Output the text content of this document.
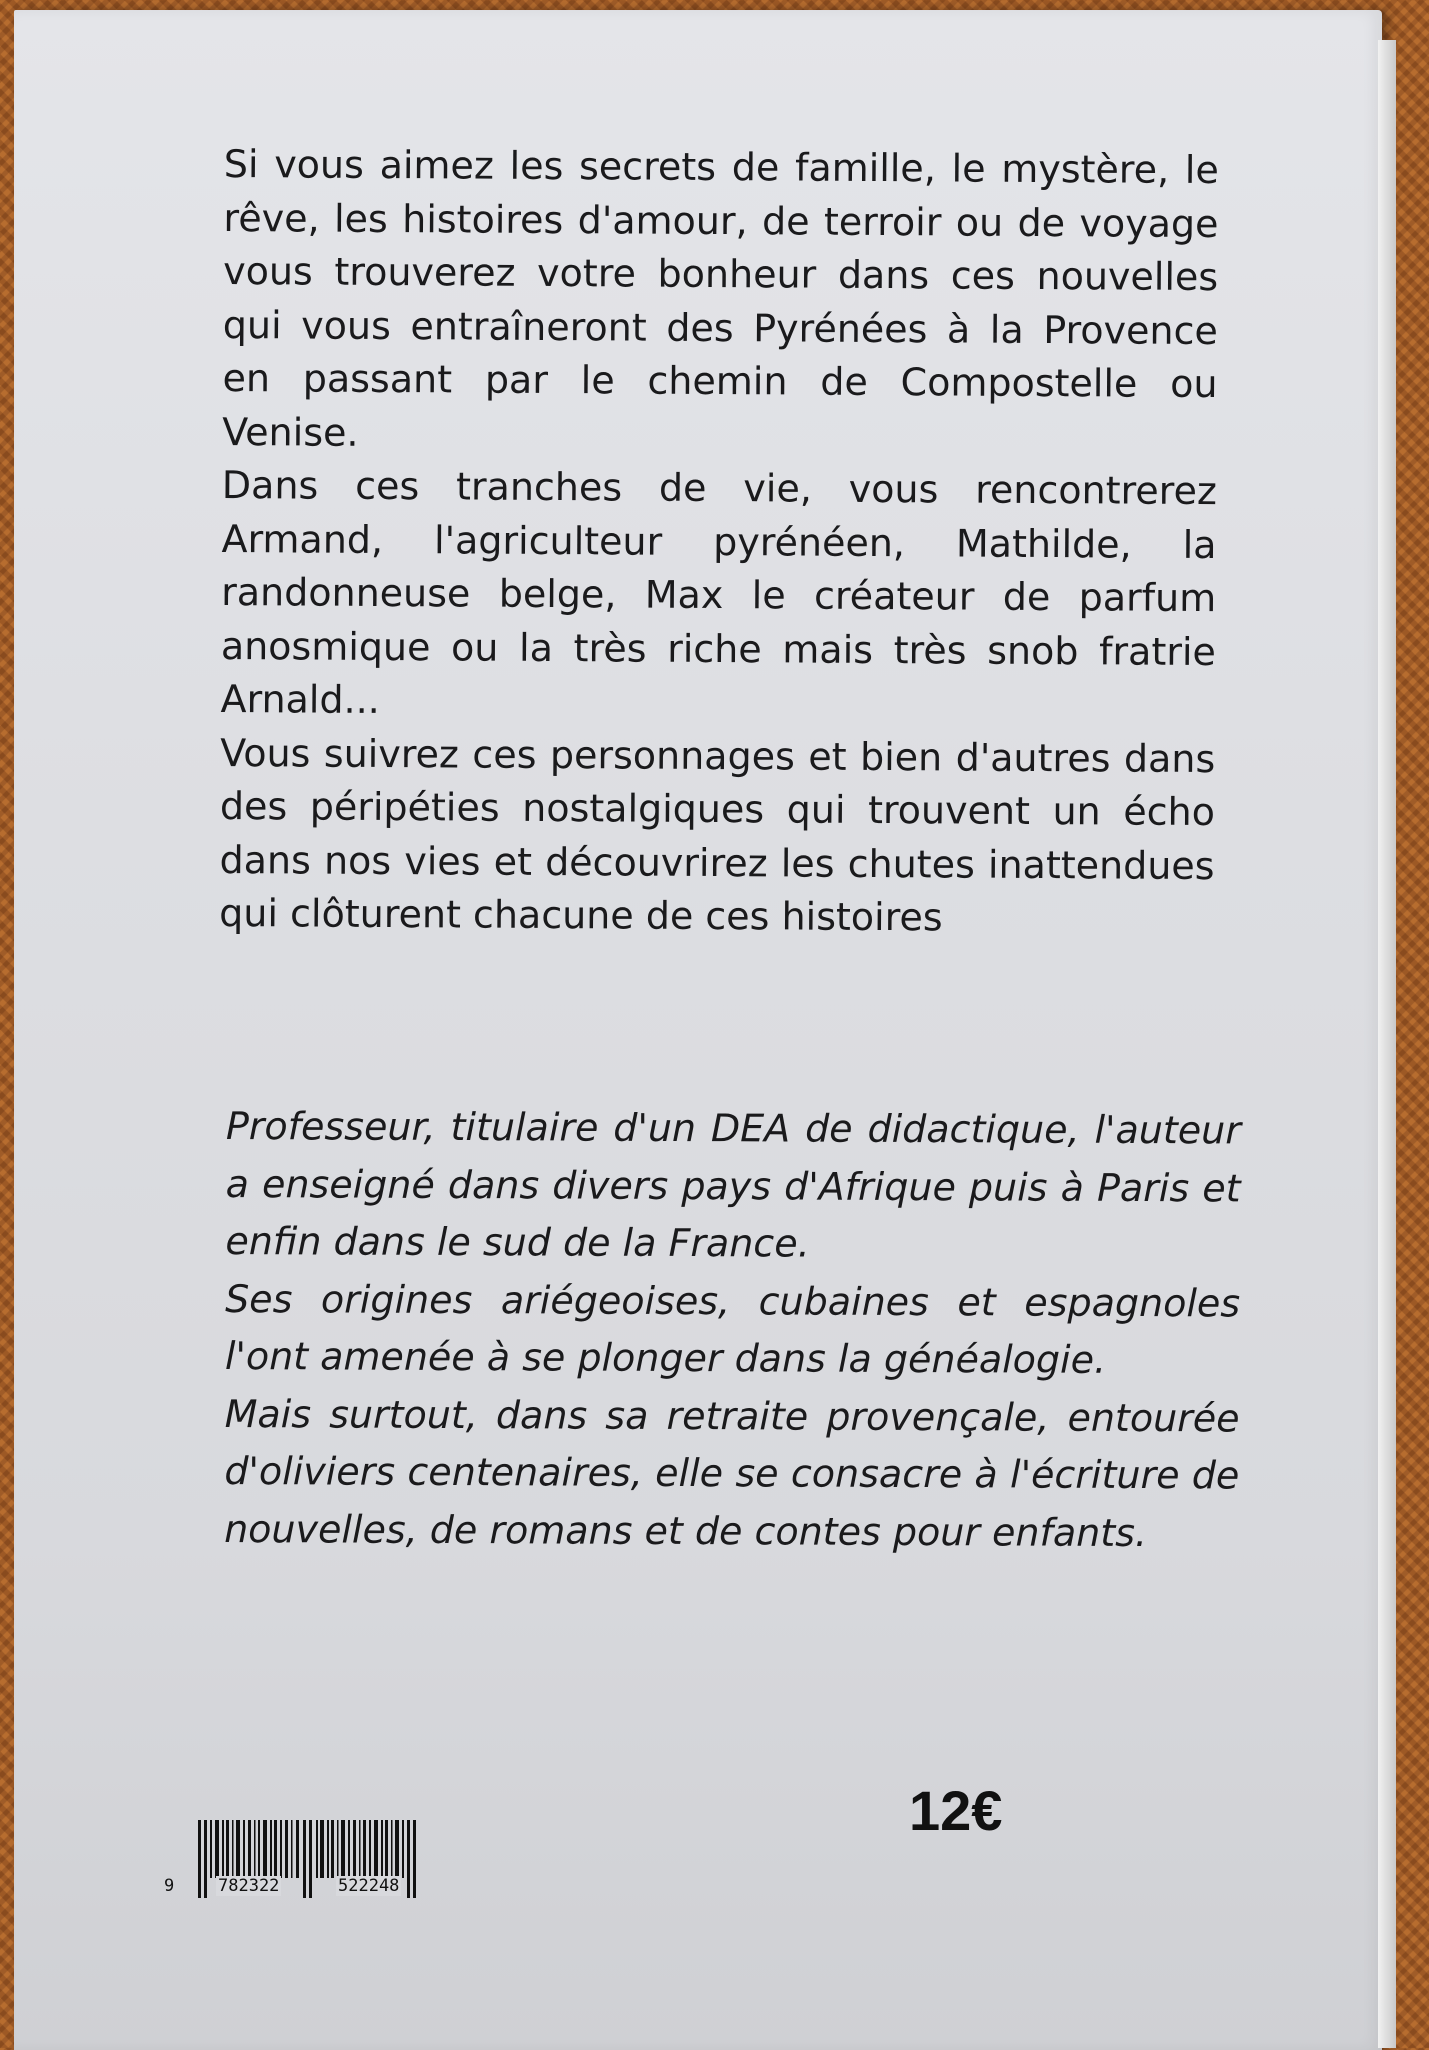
Si vous aimez les secrets de famille, le mystère, le rêve, les histoires d'amour, de terroir ou de voyage vous trouverez votre bonheur dans ces nouvelles qui vous entraîneront des Pyrénées à la Provence en passant par le chemin de Compostelle ou Venise.

Dans ces tranches de vie, vous rencontrerez Armand, l'agriculteur pyrénéen, Mathilde, la randonneuse belge, Max le créateur de parfum anosmique ou la très riche mais très snob fratrie Arnald...

Vous suivrez ces personnages et bien d'autres dans des péripéties nostalgiques qui trouvent un écho dans nos vies et découvrirez les chutes inattendues qui clôturent chacune de ces histoires

Professeur, titulaire d'un DEA de didactique, l'auteur a enseigné dans divers pays d'Afrique puis à Paris et enfin dans le sud de la France.

Ses origines ariégeoises, cubaines et espagnoles l'ont amenée à se plonger dans la généalogie.

Mais surtout, dans sa retraite provençale, entourée d'oliviers centenaires, elle se consacre à l'écriture de nouvelles, de romans et de contes pour enfants.

12€
9	782322	522248
